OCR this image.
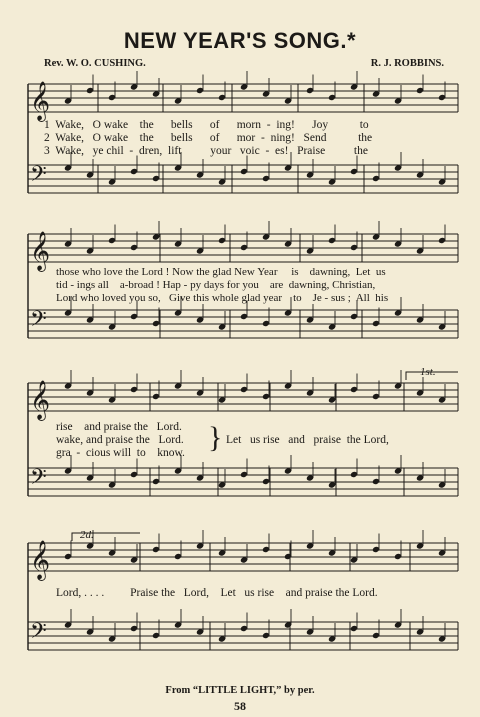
NEW YEAR'S SONG.*
Rev. W. O. CUSHING.	R. J. ROBBINS.
𝄞
𝄢
𝄞
𝄢
𝄞
𝄢
𝄞
𝄢
1  Wake,   O wake    the      bells      of      morn  -  ing!      Joy           to
2  Wake,   O wake    the      bells      of      mor  -  ning!   Send           the
3  Wake,   ye chil  -  dren,  lift          your   voic  -  es!   Praise          the
those who love the Lord ! Now the glad New Year     is    dawning,  Let  us
tid - ings all    a-broad ! Hap - py days for you    are  dawning, Christian,
Lord who loved you so,   Give this whole glad year    to    Je - sus ;  All  his
rise    and praise the   Lord.
wake, and praise the   Lord.
gra  -  cious will  to    know. } Let   us rise   and   praise  the Lord,
1st.
2d.
Lord, . . . .         Praise the   Lord,    Let   us rise    and praise the Lord.
From “LITTLE LIGHT,” by per.
58
